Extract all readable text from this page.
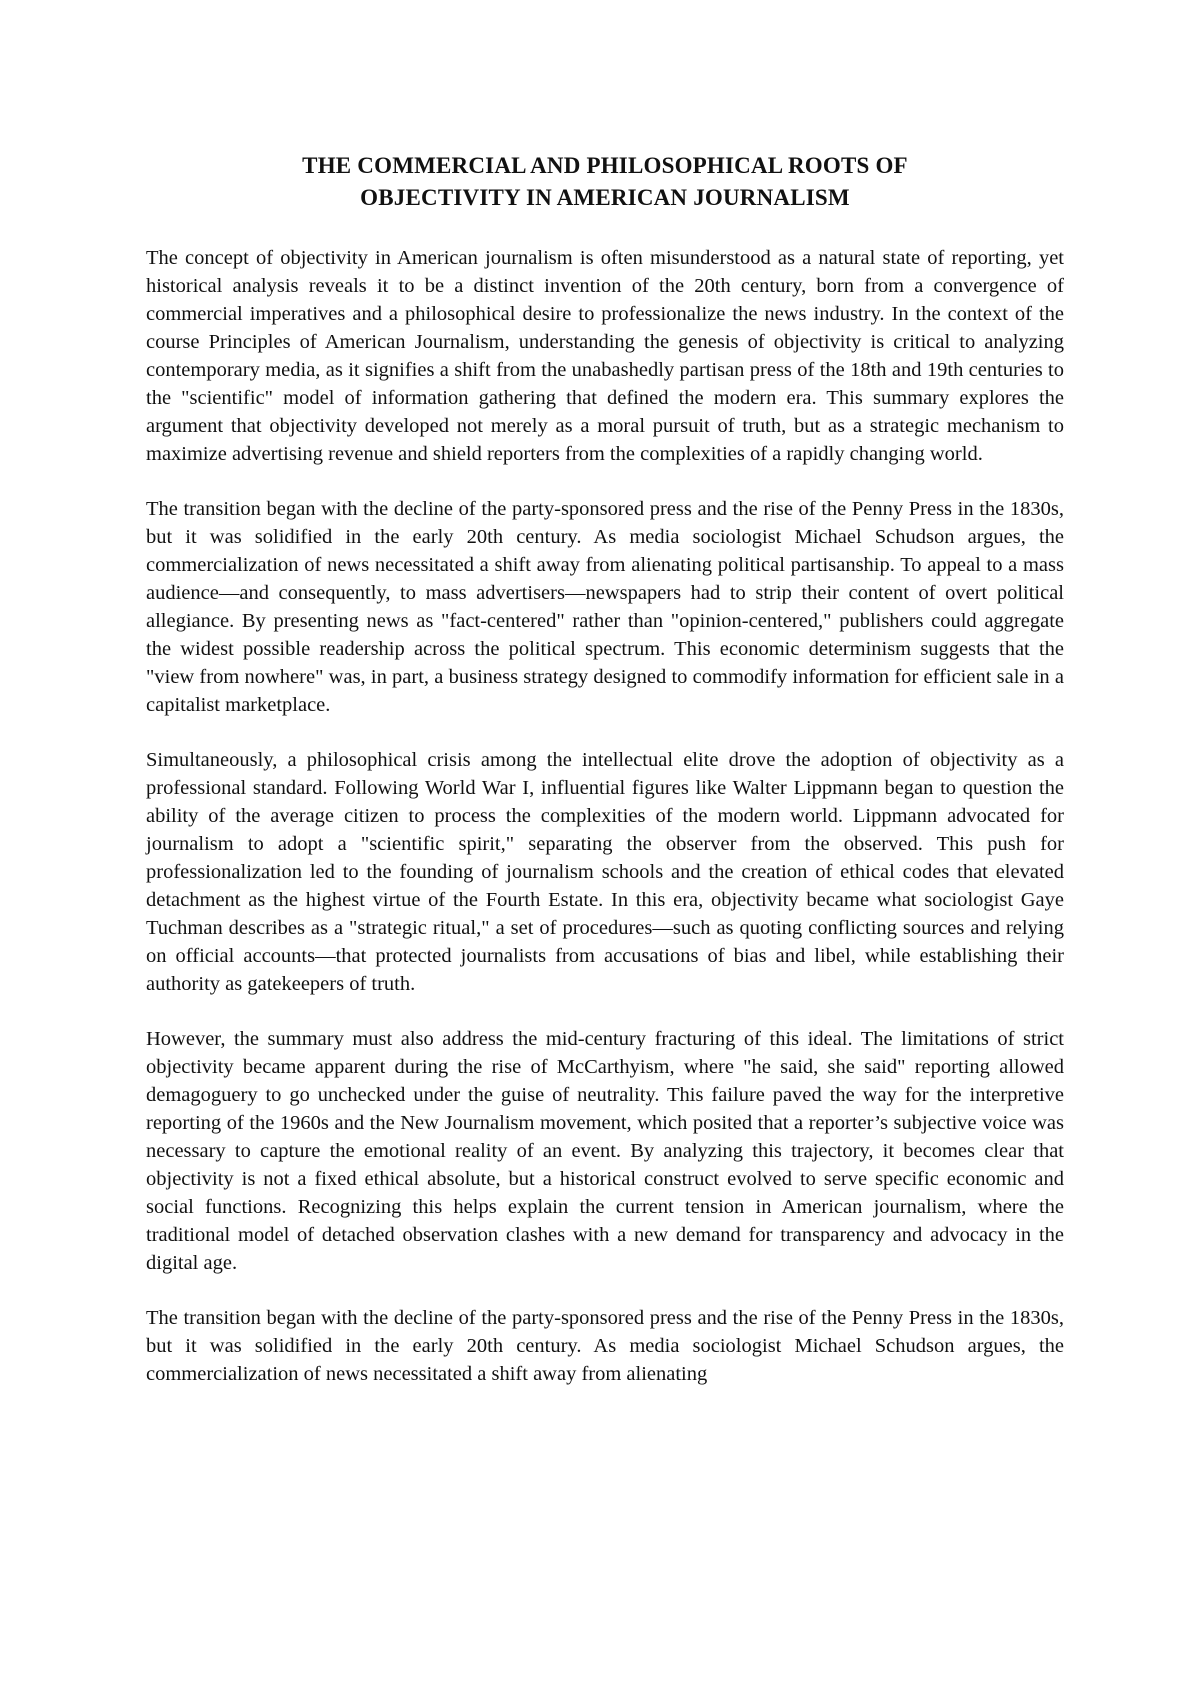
THE COMMERCIAL AND PHILOSOPHICAL ROOTS OF
OBJECTIVITY IN AMERICAN JOURNALISM

The concept of objectivity in American journalism is often misunderstood as a natural state of reporting, yet historical analysis reveals it to be a distinct invention of the 20th century, born from a convergence of commercial imperatives and a philosophical desire to professionalize the news industry. In the context of the course Principles of American Journalism, understanding the genesis of objectivity is critical to analyzing contemporary media, as it signifies a shift from the unabashedly partisan press of the 18th and 19th centuries to the "scientific" model of information gathering that defined the modern era. This summary explores the argument that objectivity developed not merely as a moral pursuit of truth, but as a strategic mechanism to maximize advertising revenue and shield reporters from the complexities of a rapidly changing world.

The transition began with the decline of the party-sponsored press and the rise of the Penny Press in the 1830s, but it was solidified in the early 20th century. As media sociologist Michael Schudson argues, the commercialization of news necessitated a shift away from alienating political partisanship. To appeal to a mass audience—and consequently, to mass advertisers—newspapers had to strip their content of overt political allegiance. By presenting news as "fact-centered" rather than "opinion-centered," publishers could aggregate the widest possible readership across the political spectrum. This economic determinism suggests that the "view from nowhere" was, in part, a business strategy designed to commodify information for efficient sale in a capitalist marketplace.

Simultaneously, a philosophical crisis among the intellectual elite drove the adoption of objectivity as a professional standard. Following World War I, influential figures like Walter Lippmann began to question the ability of the average citizen to process the complexities of the modern world. Lippmann advocated for journalism to adopt a "scientific spirit," separating the observer from the observed. This push for professionalization led to the founding of journalism schools and the creation of ethical codes that elevated detachment as the highest virtue of the Fourth Estate. In this era, objectivity became what sociologist Gaye Tuchman describes as a "strategic ritual," a set of procedures—such as quoting conflicting sources and relying on official accounts—that protected journalists from accusations of bias and libel, while establishing their authority as gatekeepers of truth.

However, the summary must also address the mid-century fracturing of this ideal. The limitations of strict objectivity became apparent during the rise of McCarthyism, where "he said, she said" reporting allowed demagoguery to go unchecked under the guise of neutrality. This failure paved the way for the interpretive reporting of the 1960s and the New Journalism movement, which posited that a reporter’s subjective voice was necessary to capture the emotional reality of an event. By analyzing this trajectory, it becomes clear that objectivity is not a fixed ethical absolute, but a historical construct evolved to serve specific economic and social functions. Recognizing this helps explain the current tension in American journalism, where the traditional model of detached observation clashes with a new demand for transparency and advocacy in the digital age.

The transition began with the decline of the party-sponsored press and the rise of the Penny Press in the 1830s, but it was solidified in the early 20th century. As media sociologist Michael Schudson argues, the commercialization of news necessitated a shift away from alienating
